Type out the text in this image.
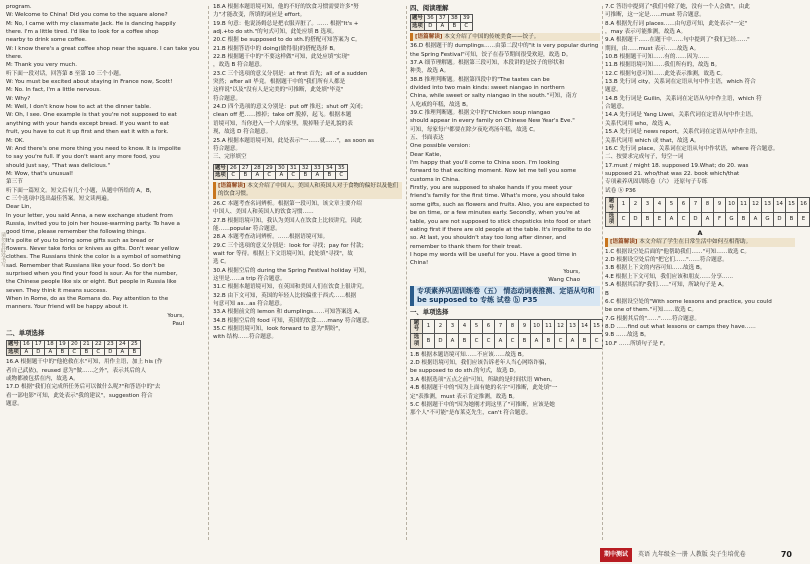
请勿在此处书写
program.
W: Welcome to China! Did you come to the square alone?
M: No, I came with my classmate Jack. He is dancing happily
there. I'm a little tired. I'd like to look for a coffee shop
nearby to drink some coffee.
W: I know there's a great coffee shop near the square. I can take you
there.
M: Thank you very much.
听下面一段对话，回答第 8 至第 10 三个小题。
W: You must be excited about staying in France now, Scott!
M: No. In fact, I'm a little nervous.
W: Why?
M: Well, I don't know how to act at the dinner table.
W: Oh, I see. One example is that you're not supposed to eat
anything with your hands except bread. If you want to eat
fruit, you have to cut it up first and then eat it with a fork.
M: OK.
W: And there's one more thing you need to know. It is impolite
to say you're full. If you don't want any more food, you
should just say, "That was delicious."
M: Wow, that's unusual!
第三节
听下面一篇短文。短文后有几个小题，从题中所给的 A，B，
C 三个选项中选出最佳答案。短文读两遍。
Dear Lin,
In your letter, you said Anna, a new exchange student from
Russia, invited you to join her house-warming party. To have a
good time, please remember the following things.
It's polite of you to bring some gifts such as bread or
flowers. Never take forks or knives as gifts. Don't wear yellow
clothes. The Russians think the color is a symbol of something
sad. Remember that Russians like your food. So don't be
surprised when you find your food is sour. As for the number,
the Chinese people like six or eight. But people in Russia like
seven. They think it means success.
When in Rome, do as the Romans do. Pay attention to the
manners. Your friend will be happy about it.
Yours,
Paul
二、单项选择
题号	16	17	18	19	20	21	22	23	24	25
选项	A	D	A	B	C	B	C	D	A	B
16.A 根据题干中的"他抢救在水"可知，用作主语，加上 his (作
者自己武依)，reused 意为"做……之外"，表示其后的人
或物都被包括在内，故选 A。
17.D 根据"我们在完成所任务后可以做什么呢?"和答语中的"去
看一部电影"可知，此处表示"我的建议"，suggestion 符合
题意。
18.A 根据本题语境可知，他的不好的饮食习惯需要许多"努
力"才能改变，所填的词应是 effort。
19.B 句意：他说汤姆总是把衣服弄脏了。…… 根据"It's +
adj.+to do sth."的句式可知，此处应填 B 选项。
20.C 根据 be supposed to do sth.的搭配可知答案为 C。
21.B 根据答语中的 doing(做得很)的搭配选择 B。
22.B 根据题干中的"不要这样做"可知，此处应填"实现"
，故选 B 符合题意。
23.C 三个选项的意义分别是：at first 首先；all of a sudden
突然；after all 毕竟。根据题干中的"我们所有人都是
这样说"以及"没有人是完美的"可推断，此处填"毕竟"
符合题意。
24.D 四个选项的意义分别是：put off 推迟；shut off 关闭；
clean off 把……擦掉；take off 脱掉，起飞。根据本题
语境可知，当你进入一个人的家里，脱掉鞋子是礼貌的表
现，故选 D 符合题意。
25.A 根据本题语境可知，此处表示"一……就……"，as soon as
符合题意。
三、完形填空
题号	26	27	28	29	30	31	32	33	34	35
选项	C	B	A	C	A	C	B	A	B	C
[语篇解读] 本文介绍了中国人、美国人和英国人对于食物的偏好以及他们的饮食习惯。
26.C 本题考查名词辨析。根据第一段可知，该文章主要介绍
中国人、美国人和英国人的饮食习惯……
27.B 根据语境可知，我认为美国人在饮食上比较讲究，因此
能……popular 符合题意。
28.A 本题考查动词辨析。……根据语境可知。
29.C 三个选项的意义分别是：look for 寻找；pay for 付款；
wait for 等待。根据上下文语境可知，此处填"寻找"，故
选 C。
30.A 根据空后的 during the Spring Festival holiday 可知，
这里是……a trip 符合题意。
31.C 根据本题语境可知，在英国和美国人们在饮食上很讲究。
32.B 由下文可知，英国的年轻人比较偏重于西式……根据
句意可知 as…as 符合题意。
33.A 根据前文的 lemon 和 dumplings……可知答案选 A。
34.B 根据空后的 food 可知，英国的饮食……many 符合题意。
35.C 根据语境可知，look forward to 意为"期盼"，
with 结构……符合题意。
四、阅读理解
题号	36	37	38	39
选项	D	A	B	C
[语篇解读] 本文介绍了中国的传统美食——饺子。
36.D 根据题干的 dumplings……由第二段中的"it is very popular during
the Spring Festival"可知，饺子在春节期间很受欢迎，故选 D。
37.A 细节理解题。根据第三段可知，本段讲的是饺子的形状和
种类，故选 A。
38.B 推理判断题。根据第四段中的"The tastes can be
divided into two main kinds: sweet niangao in northern
China, while sweet or salty niangao in the south."可知，南方
人吃咸的年糕，故选 B。
39.C 推理判断题。根据文中的"Chicken soup niangao
should appear in every family on Chinese New Year's Eve."
可知，每家每户都要在除夕夜吃鸡汤年糕，故选 C。
五、书面表达
One possible version:
Dear Katie,
I'm happy that you'll come to China soon. I'm looking
forward to that exciting moment. Now let me tell you some
customs in China.
Firstly, you are supposed to shake hands if you meet your
friend's family for the first time. What's more, you should take
some gifts, such as flowers and fruits. Also, you are expected to
be on time, or a few minutes early. Secondly, when you're at
table, you are not supposed to stick chopsticks into food or start
eating first if there are old people at the table. It's impolite to do
so. At last, you shouldn't stay too long after dinner, and
remember to thank them for their treat.
I hope my words will be useful for you. Have a good time in
China!
Yours,
Wang Chao
专项素养巩固训练卷（五） 情态动词表推测、定语从句和 be supposed to 专练 试卷 ⓑ P35
一、单项选择
题号	1	2	3	4	5	6	7	8	9	10	11	12	13	14	15
选项	B	D	A	B	C	C	A	C	B	A	B	C	A	B	C
1.B 根据本题语境可知……不应该……故选 B。
2.D 根据语境可知，我们应该告诉老年人当心网络诈骗，
be supposed to do sth.的句式，故选 D。
3.A 根据选项"五点之前"可知，所缺的是时间状语 When。
4.B 根据题干中的"因为上面有她的名字"可推断，此处填"一
定"表推测，must 表示肯定推测，故选 B。
5.C 根据题干中的"因为她刚才到这里了"可推断，应该是她
那个人"不可能"是布莱克先生，can't 符合题意。
7.C 答语中提到了"我们中除了她，没有一个人会做"，由此
可推断，这一定是……must 符合题意。
8.A 根据先行词 places……由句意可知，此处表示"一定"
，may 表示可能推测，故选 A。
9.A 根据题干……在题干中……句中提到了"我们已经……"
期间，由……must 表示……故选 A。
10.B 根据题干可知……有的……因为……
11.B 根据语境可知……我们所有的，故选 B。
12.C 根据句意可知……此处表示推测，故选 C。
13.B 先行词 city，关系词在定语从句中作主语，which 符合
题意。
14.B 先行词是 Guilin，关系词在定语从句中作主语，which 符
合题意。
14.A 先行词是 Yang Liwei，关系代词在定语从句中作主语，
关系代词用 who，故选 A。
15.A 先行词是 news report，关系代词在定语从句中作主语，
关系代词用 which 或 that，故选 A。
16.C 先行词 place，关系词在定语从句中作状语，where 符合题意。
二、按要求完成句子，每空一词
17.must / might 18. supposed 19.What; do 20. was
supposed 21. who/that was 22. book which/that
专项素养巩固训练卷（六） 还原句子专练
试卷 ⓑ P36
题号	1	2	3	4	5	6	7	8	9	10	11	12	13	14	15	16
选项	C	D	B	E	A	C	D	A	F	G	B	A	G	D	B	E
A
[语篇解读] 本文介绍了学生在日常生活中如何互相帮助。
1.C 根据设空处后面的"他帮助我们……"可知……故选 C。
2.D 根据设空处后的"把它们……"……符合题意。
3.B 根据上下文的内容可知……故选 B。
4.E 根据上下文可知，我们应该和朋友……分享……
5.A 根据其后的"我们……"可知，所缺句子是 A。
B
6.C 根据设空处的"With some lessons and practice, you could
be one of them."可知……故选 C。
7.G 根据其后的"……"……符合题意。
8.D ……find out what lessons or camps they have……
9.B ……故选 B。
10.F ……所填句子是 F。
期中测试 英语 九年级全一册 人教版 尖子生培优卷	70
